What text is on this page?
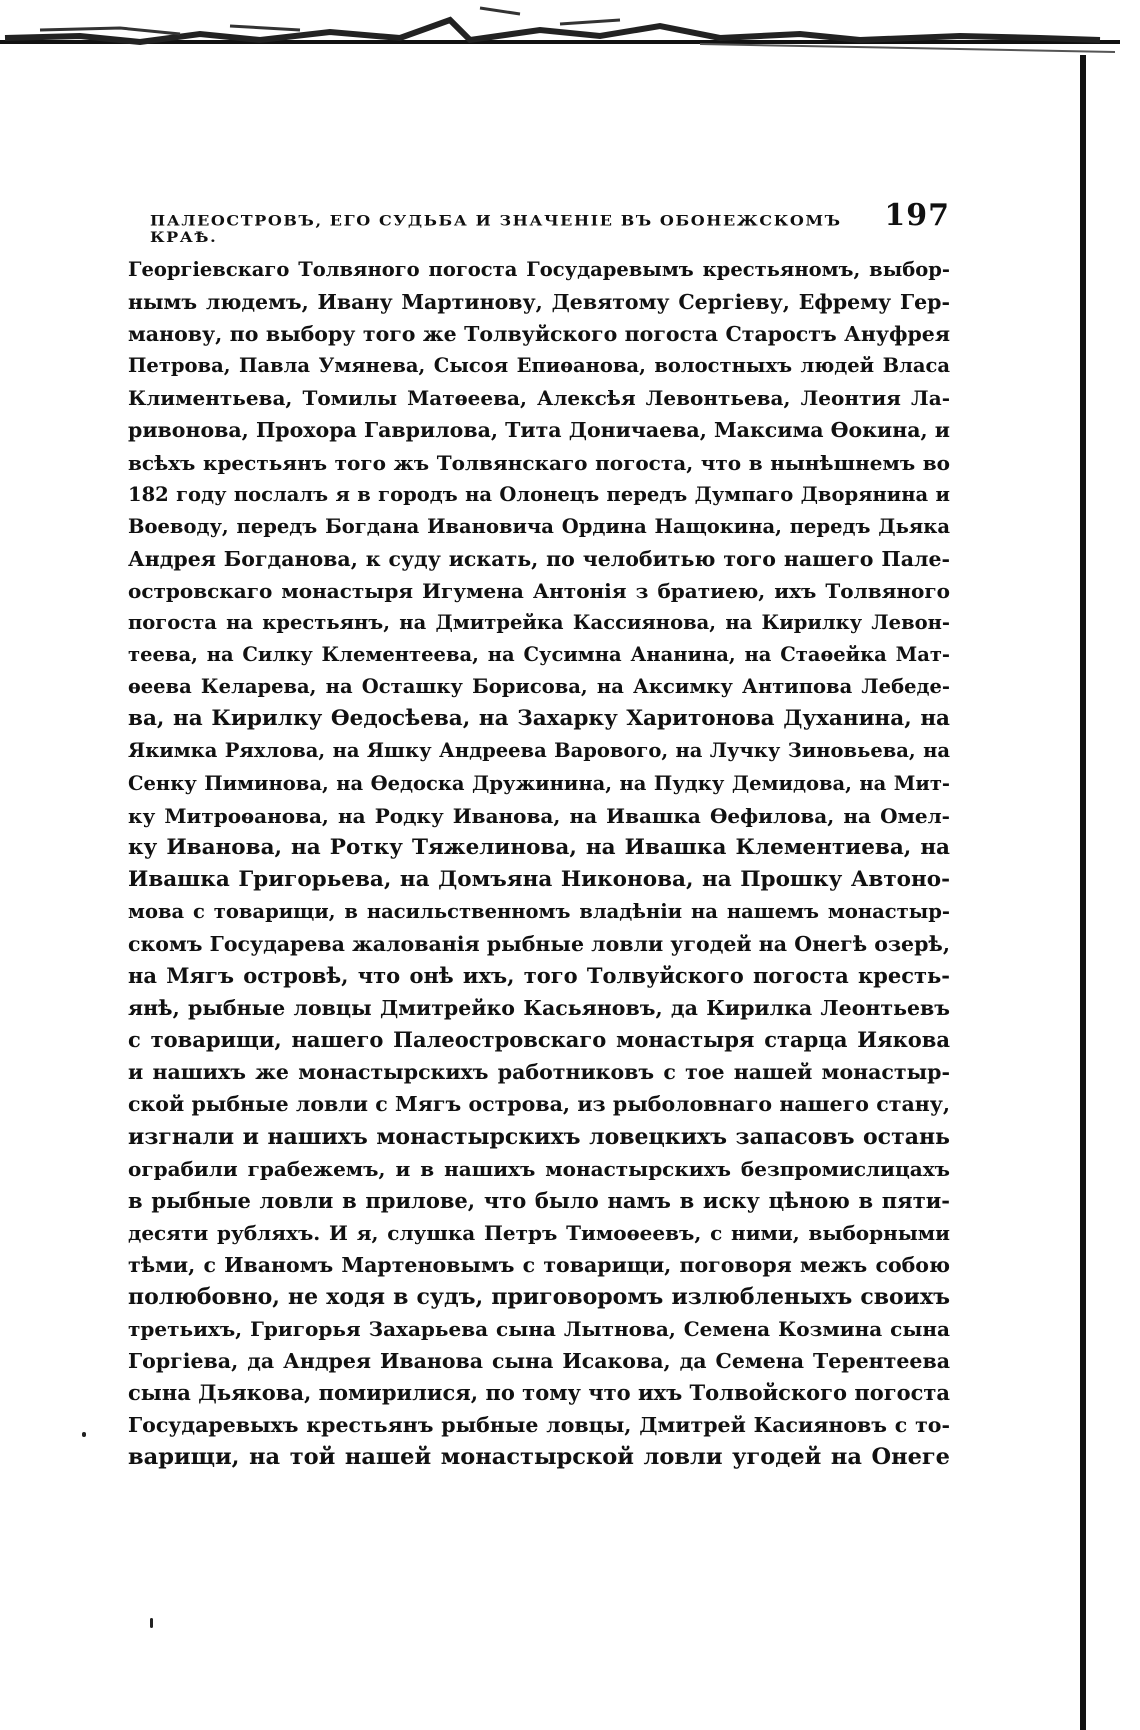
ПАЛЕОСТРОВЪ, ЕГО СУДЬБА И ЗНАЧЕНІЕ ВЪ ОБОНЕЖСКОМЪ КРАѢ.
197
Георгіевскаго Толвяного погоста Государевымъ крестьяномъ, выбор-
нымъ людемъ, Ивану Мартинову, Девятому Сергіеву, Ефрему Гер-
манову, по выбору того же Толвуйского погоста Старостъ Ануфрея
Петрова, Павла Умянева, Сысоя Епиѳанова, волостныхъ людей Власа
Климентьева, Томилы Матѳеева, Алексѣя Левонтьева, Леонтия Ла-
ривонова, Прохора Гаврилова, Тита Доничаева, Максима Ѳокина, и
всѣхъ крестьянъ того жъ Толвянскаго погоста, что в нынѣшнемъ во
182 году послалъ я в городъ на Олонецъ передъ Думпаго Дворянина и
Воеводу, передъ Богдана Ивановича Ордина Нащокина, передъ Дьяка
Андрея Богданова, к суду искать, по челобитью того нашего Пале-
островскаго монастыря Игумена Антонія з братиею, ихъ Толвяного
погоста на крестьянъ, на Дмитрейка Кассиянова, на Кирилку Левон-
теева, на Силку Клементеева, на Сусимна Ананина, на Стаѳейка Мат-
ѳеева Келарева, на Осташку Борисова, на Аксимку Антипова Лебеде-
ва, на Кирилку Ѳедосѣева, на Захарку Харитонова Духанина, на
Якимка Ряхлова, на Яшку Андреева Варового, на Лучку Зиновьева, на
Сенку Пиминова, на Ѳедоска Дружинина, на Пудку Демидова, на Мит-
ку Митроѳанова, на Родку Иванова, на Ивашка Ѳефилова, на Омел-
ку Иванова, на Ротку Тяжелинова, на Ивашка Клементиева, на
Ивашка Григорьева, на Домъяна Никонова, на Прошку Автоно-
мова с товарищи, в насильственномъ владѣніи на нашемъ монастыр-
скомъ Государева жалованія рыбные ловли угодей на Онегѣ озерѣ,
на Мягъ островѣ, что онѣ ихъ, того Толвуйского погоста кресть-
янѣ, рыбные ловцы Дмитрейко Касьяновъ, да Кирилка Леонтьевъ
с товарищи, нашего Палеостровскаго монастыря старца Иякова
и нашихъ же монастырскихъ работниковъ с тое нашей монастыр-
ской рыбные ловли с Мягъ острова, из рыболовнаго нашего стану,
изгнали и нашихъ монастырскихъ ловецкихъ запасовъ остань
ограбили грабежемъ, и в нашихъ монастырскихъ безпромислицахъ
в рыбные ловли в прилове, что было намъ в иску цѣною в пяти-
десяти рубляхъ. И я, слушка Петръ Тимоѳеевъ, с ними, выборными
тѣми, с Иваномъ Мартеновымъ с товарищи, поговоря межъ собою
полюбовно, не ходя в судъ, приговоромъ излюбленыхъ своихъ
третьихъ, Григорья Захарьева сына Лытнова, Семена Козмина сына
Горгіева, да Андрея Иванова сына Исакова, да Семена Терентеева
сына Дьякова, помирилися, по тому что ихъ Толвойского погоста
Государевыхъ крестьянъ рыбные ловцы, Дмитрей Касияновъ с то-
варищи, на той нашей монастырской ловли угодей на Онеге
